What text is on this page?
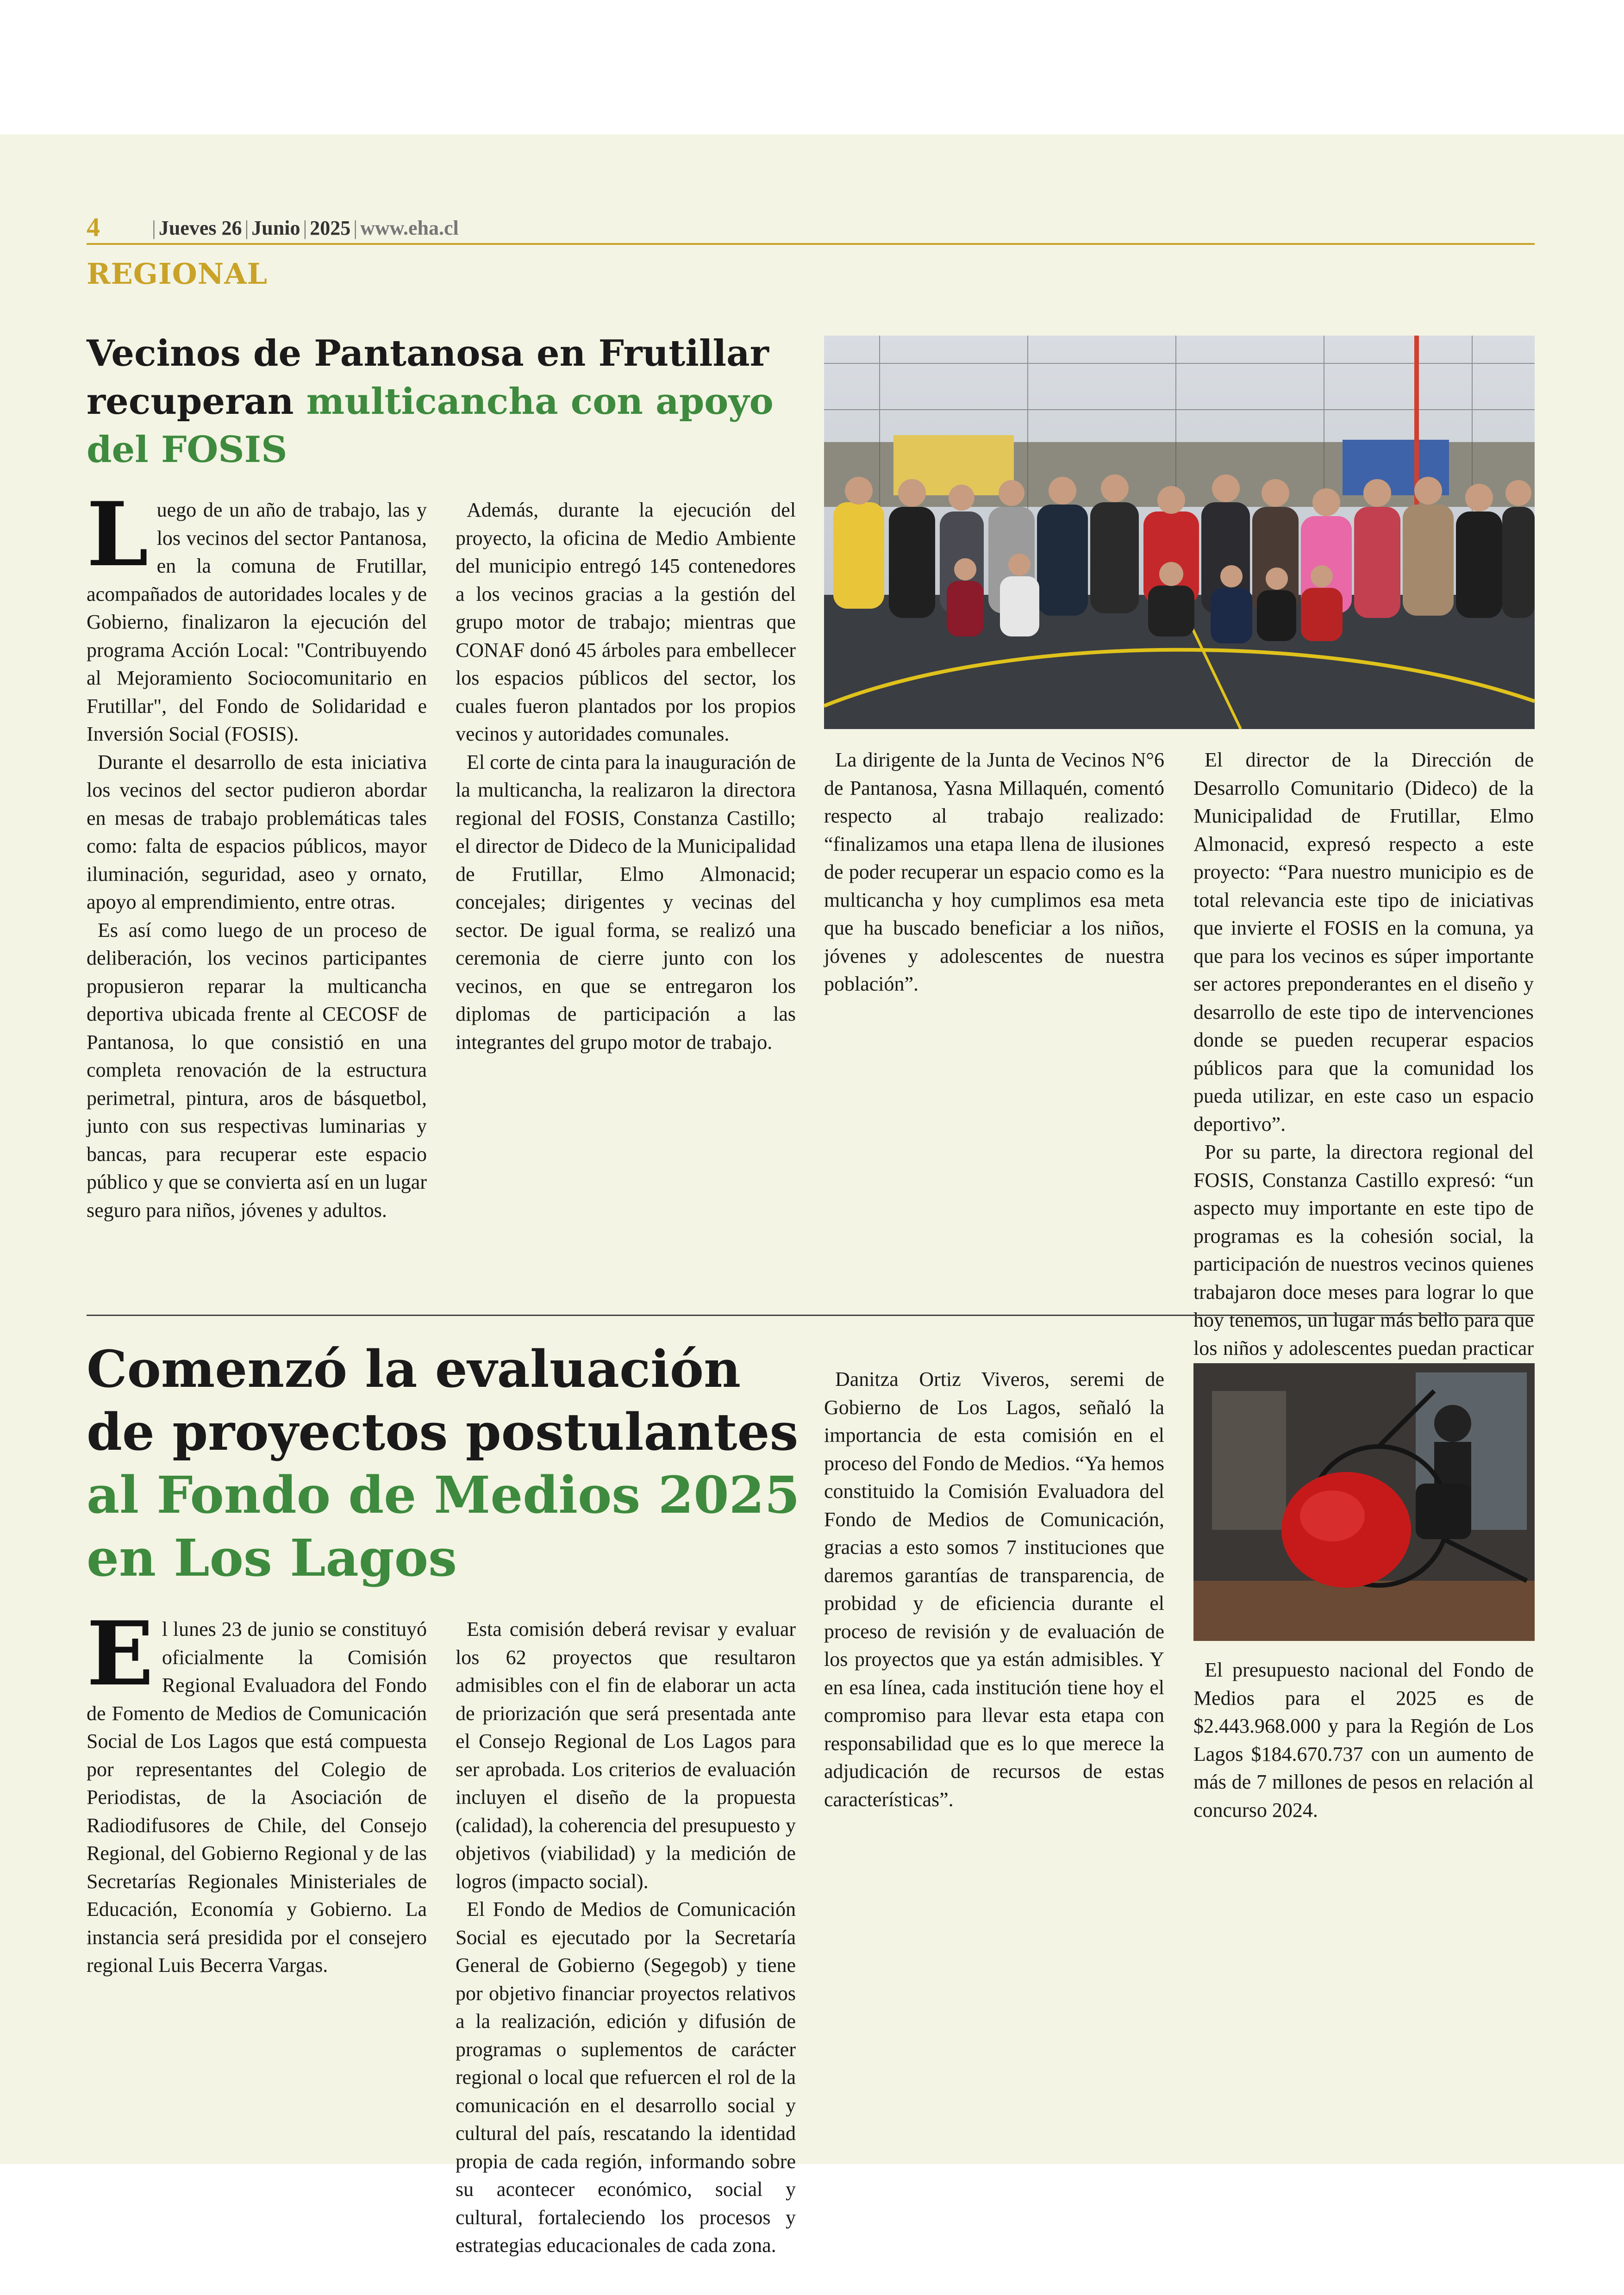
4	| Jueves 26 | Junio | 2025 | www.eha.cl
REGIONAL
Vecinos de Pantanosa en Frutillar recuperan multicancha con apoyo del FOSIS

Luego de un año de trabajo, las y los vecinos del sector Pantanosa, en la comuna de Frutillar, acompañados de autoridades locales y de Gobierno, finalizaron la ejecución del programa Acción Local: "Contribuyendo al Mejoramiento Sociocomunitario en Frutillar", del Fondo de Solidaridad e Inversión Social (FOSIS).

Durante el desarrollo de esta iniciativa los vecinos del sector pudieron abordar en mesas de trabajo problemáticas tales como: falta de espacios públicos, mayor iluminación, seguridad, aseo y ornato, apoyo al emprendimiento, entre otras.

Es así como luego de un proceso de deliberación, los vecinos participantes propusieron reparar la multicancha deportiva ubicada frente al CECOSF de Pantanosa, lo que consistió en una completa renovación de la estructura perimetral, pintura, aros de básquetbol, junto con sus respectivas luminarias y bancas, para recuperar este espacio público y que se convierta así en un lugar seguro para niños, jóvenes y adultos.

Además, durante la ejecución del proyecto, la oficina de Medio Ambiente del municipio entregó 145 contenedores a los vecinos gracias a la gestión del grupo motor de trabajo; mientras que CONAF donó 45 árboles para embellecer los espacios públicos del sector, los cuales fueron plantados por los propios vecinos y autoridades comunales.

El corte de cinta para la inauguración de la multicancha, la realizaron la directora regional del FOSIS, Constanza Castillo; el director de Dideco de la Municipalidad de Frutillar, Elmo Almonacid; concejales; dirigentes y vecinas del sector. De igual forma, se realizó una ceremonia de cierre junto con los vecinos, en que se entregaron los diplomas de participación a las integrantes del grupo motor de trabajo.

La dirigente de la Junta de Vecinos N°6 de Pantanosa, Yasna Millaquén, comentó respecto al trabajo realizado: “finalizamos una etapa llena de ilusiones de poder recuperar un espacio como es la multicancha y hoy cumplimos esa meta que ha buscado beneficiar a los niños, jóvenes y adolescentes de nuestra población”.

El director de la Dirección de Desarrollo Comunitario (Dideco) de la Municipalidad de Frutillar, Elmo Almonacid, expresó respecto a este proyecto: “Para nuestro municipio es de total relevancia este tipo de iniciativas que invierte el FOSIS en la comuna, ya que para los vecinos es súper importante ser actores preponderantes en el diseño y desarrollo de este tipo de intervenciones donde se pueden recuperar espacios públicos para que la comunidad los pueda utilizar, en este caso un espacio deportivo”.

Por su parte, la directora regional del FOSIS, Constanza Castillo expresó: “un aspecto muy importante en este tipo de programas es la cohesión social, la participación de nuestros vecinos quienes trabajaron doce meses para lograr lo que hoy tenemos, un lugar más bello para que los niños y adolescentes puedan practicar

Comenzó la evaluación de proyectos postulantes al Fondo de Medios 2025 en Los Lagos

El lunes 23 de junio se constituyó oficialmente la Comisión Regional Evaluadora del Fondo de Fomento de Medios de Comunicación Social de Los Lagos que está compuesta por representantes del Colegio de Periodistas, de la Asociación de Radiodifusores de Chile, del Consejo Regional, del Gobierno Regional y de las Secretarías Regionales Ministeriales de Educación, Economía y Gobierno. La instancia será presidida por el consejero regional Luis Becerra Vargas.

Esta comisión deberá revisar y evaluar los 62 proyectos que resultaron admisibles con el fin de elaborar un acta de priorización que será presentada ante el Consejo Regional de Los Lagos para ser aprobada. Los criterios de evaluación incluyen el diseño de la propuesta (calidad), la coherencia del presupuesto y objetivos (viabilidad) y la medición de logros (impacto social).

El Fondo de Medios de Comunicación Social es ejecutado por la Secretaría General de Gobierno (Segegob) y tiene por objetivo financiar proyectos relativos a la realización, edición y difusión de programas o suplementos de carácter regional o local que refuercen el rol de la comunicación en el desarrollo social y cultural del país, rescatando la identidad propia de cada región, informando sobre su acontecer económico, social y cultural, fortaleciendo los procesos y estrategias educacionales de cada zona.

Danitza Ortiz Viveros, seremi de Gobierno de Los Lagos, señaló la importancia de esta comisión en el proceso del Fondo de Medios. “Ya hemos constituido la Comisión Evaluadora del Fondo de Medios de Comunicación, gracias a esto somos 7 instituciones que daremos garantías de transparencia, de probidad y de eficiencia durante el proceso de revisión y de evaluación de los proyectos que ya están admisibles. Y en esa línea, cada institución tiene hoy el compromiso para llevar esta etapa con responsabilidad que es lo que merece la adjudicación de recursos de estas características”.

El presupuesto nacional del Fondo de Medios para el 2025 es de $2.443.968.000 y para la Región de Los Lagos $184.670.737 con un aumento de más de 7 millones de pesos en relación al concurso 2024.
